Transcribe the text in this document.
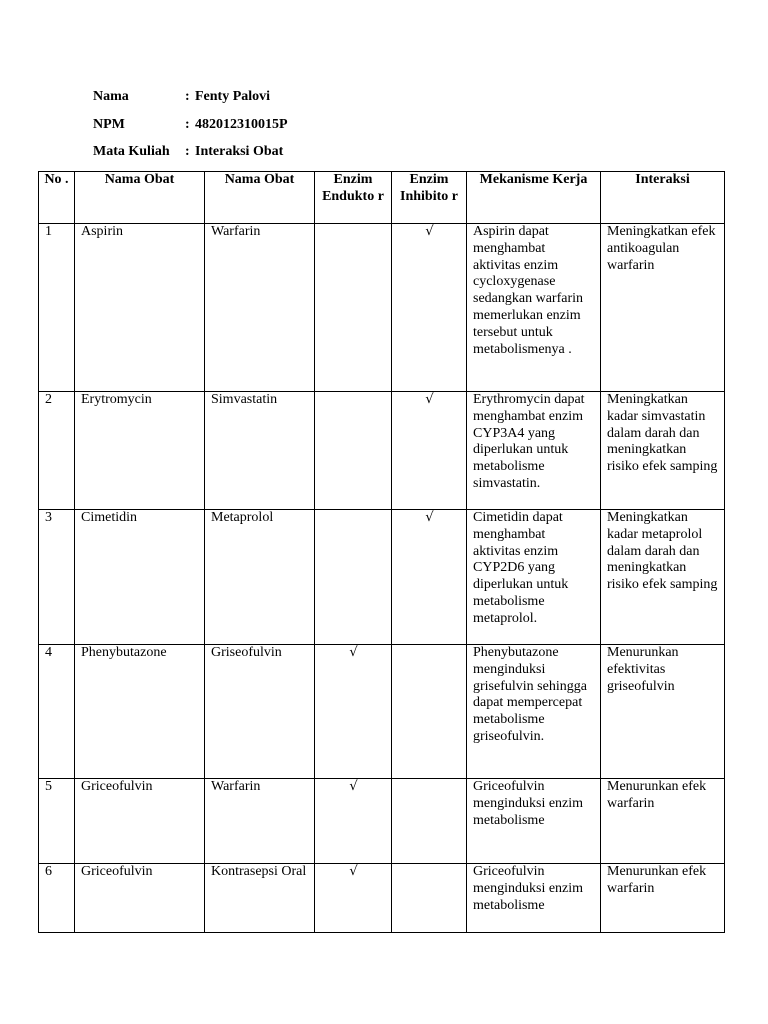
Nama	: Fenty Palovi
NPM	: 482012310015P
Mata Kuliah	: Interaksi Obat
No .	Nama Obat	Nama Obat	Enzim Endukto r	Enzim Inhibito r	Mekanisme Kerja	Interaksi
1	Aspirin	Warfarin		√	Aspirin dapat menghambat aktivitas enzim cycloxygenase sedangkan warfarin memerlukan enzim tersebut untuk metabolismenya .	Meningkatkan efek antikoagulan warfarin
2	Erytromycin	Simvastatin		√	Erythromycin dapat menghambat enzim CYP3A4 yang diperlukan untuk metabolisme simvastatin.	Meningkatkan kadar simvastatin dalam darah dan meningkatkan risiko efek samping
3	Cimetidin	Metaprolol		√	Cimetidin dapat menghambat aktivitas enzim CYP2D6 yang diperlukan untuk metabolisme metaprolol.	Meningkatkan kadar metaprolol dalam darah dan meningkatkan risiko efek samping
4	Phenybutazone	Griseofulvin	√		Phenybutazone menginduksi grisefulvin sehingga dapat mempercepat metabolisme griseofulvin.	Menurunkan efektivitas griseofulvin
5	Griceofulvin	Warfarin	√		Griceofulvin menginduksi enzim metabolisme	Menurunkan efek warfarin
6	Griceofulvin	Kontrasepsi Oral	√		Griceofulvin menginduksi enzim metabolisme	Menurunkan efek warfarin
